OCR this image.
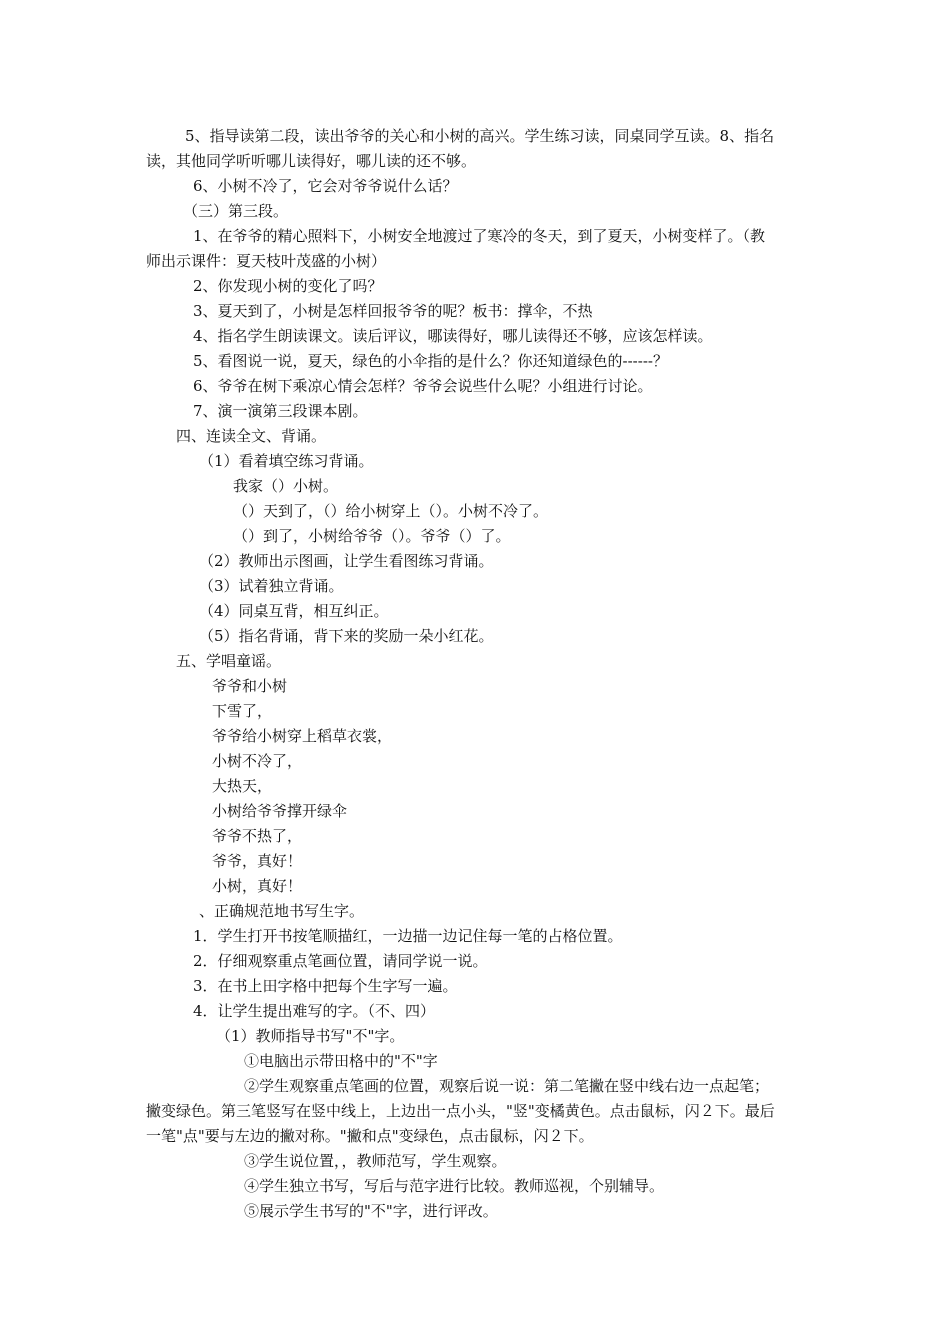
5、指导读第二段，读出爷爷的关心和小树的高兴。学生练习读，同桌同学互读。8、指名
读，其他同学听听哪儿读得好，哪儿读的还不够。
6、小树不冷了，它会对爷爷说什么话？
（三）第三段。
1、在爷爷的精心照料下，小树安全地渡过了寒冷的冬天，到了夏天，小树变样了。（教
师出示课件：夏天枝叶茂盛的小树）
2、你发现小树的变化了吗？
3、夏天到了，小树是怎样回报爷爷的呢？板书：撑伞，不热
4、指名学生朗读课文。读后评议，哪读得好，哪儿读得还不够，应该怎样读。
5、看图说一说，夏天，绿色的小伞指的是什么？你还知道绿色的------？
6、爷爷在树下乘凉心情会怎样？爷爷会说些什么呢？小组进行讨论。
7、演一演第三段课本剧。
四、连读全文、背诵。
（1）看着填空练习背诵。
我家（）小树。
（）天到了，（）给小树穿上（）。小树不冷了。
（）到了，小树给爷爷（）。爷爷（）了。
（2）教师出示图画，让学生看图练习背诵。
（3）试着独立背诵。
（4）同桌互背，相互纠正。
（5）指名背诵，背下来的奖励一朵小红花。
五、学唱童谣。
爷爷和小树
下雪了，
爷爷给小树穿上稻草衣裳，
小树不冷了，
大热天，
小树给爷爷撑开绿伞
爷爷不热了，
爷爷，真好！
小树，真好！
、正确规范地书写生字。
1．学生打开书按笔顺描红，一边描一边记住每一笔的占格位置。
2．仔细观察重点笔画位置，请同学说一说。
3．在书上田字格中把每个生字写一遍。
4．让学生提出难写的字。（不、四）
（1）教师指导书写"不"字。
①电脑出示带田格中的"不"字
②学生观察重点笔画的位置，观察后说一说：第二笔撇在竖中线右边一点起笔；
撇变绿色。第三笔竖写在竖中线上，上边出一点小头，"竖"变橘黄色。点击鼠标，闪２下。最后
一笔"点"要与左边的撇对称。"撇和点"变绿色，点击鼠标，闪２下。
③学生说位置，，教师范写，学生观察。
④学生独立书写，写后与范字进行比较。教师巡视，个别辅导。
⑤展示学生书写的"不"字，进行评改。
